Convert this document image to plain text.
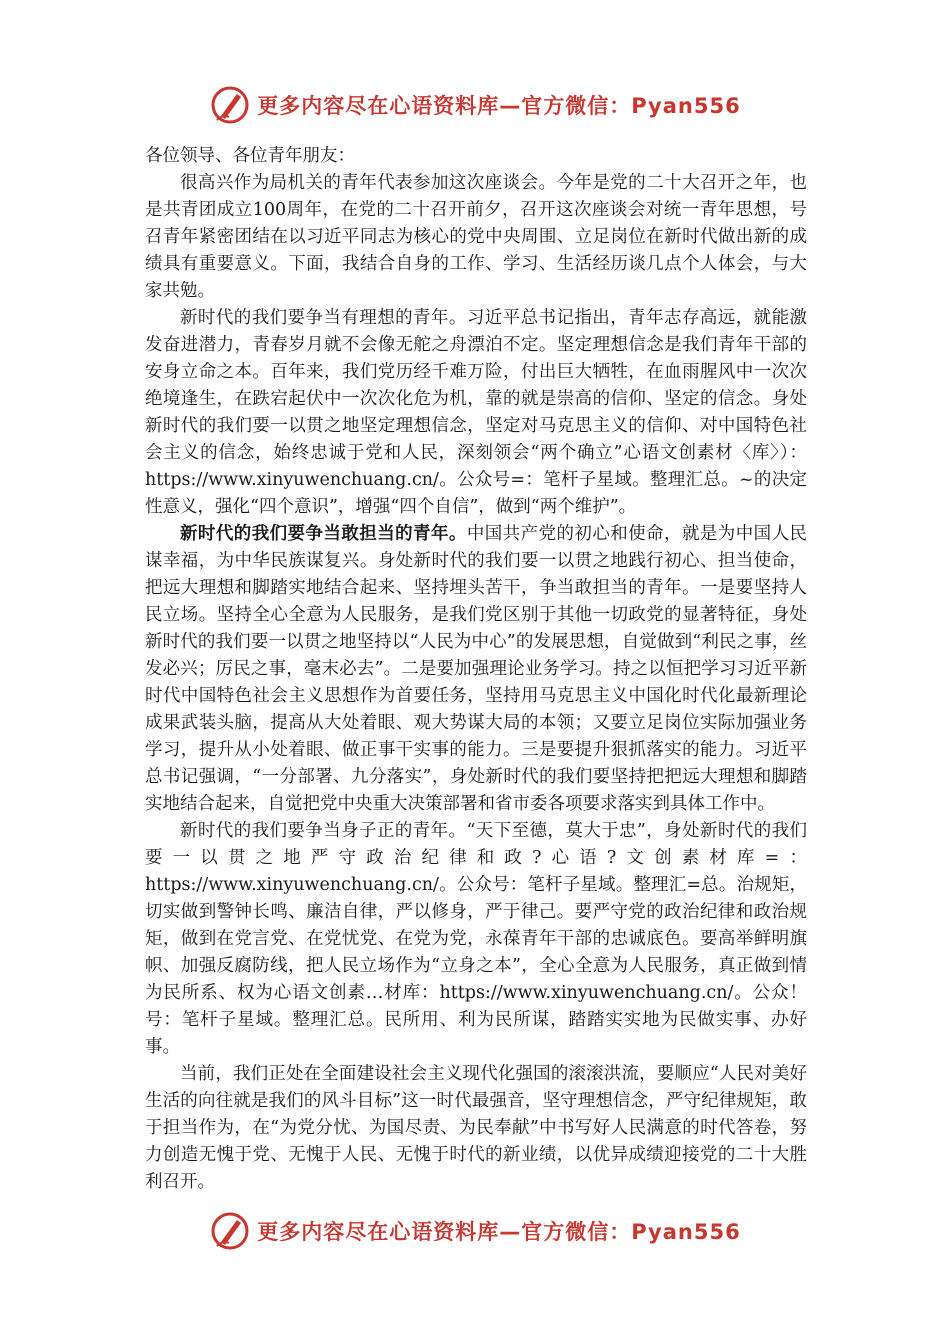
更多内容尽在心语资料库—官方微信：Pyan556

各位领导、各位青年朋友：

很高兴作为局机关的青年代表参加这次座谈会。今年是党的二十大召开之年，也是共青团成立100周年，在党的二十召开前夕，召开这次座谈会对统一青年思想，号召青年紧密团结在以习近平同志为核心的党中央周围、立足岗位在新时代做出新的成绩具有重要意义。下面，我结合自身的工作、学习、生活经历谈几点个人体会，与大家共勉。

新时代的我们要争当有理想的青年。习近平总书记指出，青年志存高远，就能激发奋进潜力，青春岁月就不会像无舵之舟漂泊不定。坚定理想信念是我们青年干部的安身立命之本。百年来，我们党历经千难万险，付出巨大牺牲，在血雨腥风中一次次绝境逢生，在跌宕起伏中一次次化危为机，靠的就是崇高的信仰、坚定的信念。身处新时代的我们要一以贯之地坚定理想信念，坚定对马克思主义的信仰、对中国特色社会主义的信念，始终忠诚于党和人民，深刻领会“两个确立”心语文创素材〈库〉）：https://www.xinyuwenchuang.cn/。公众号=：笔杆子星域。整理汇总。~的决定性意义，强化“四个意识”，增强“四个自信”，做到“两个维护”。

新时代的我们要争当敢担当的青年。中国共产党的初心和使命，就是为中国人民谋幸福，为中华民族谋复兴。身处新时代的我们要一以贯之地践行初心、担当使命，把远大理想和脚踏实地结合起来、坚持埋头苦干，争当敢担当的青年。一是要坚持人民立场。坚持全心全意为人民服务，是我们党区别于其他一切政党的显著特征，身处新时代的我们要一以贯之地坚持以“人民为中心”的发展思想，自觉做到“利民之事，丝发必兴；厉民之事，毫末必去”。二是要加强理论业务学习。持之以恒把学习习近平新时代中国特色社会主义思想作为首要任务，坚持用马克思主义中国化时代化最新理论成果武装头脑，提高从大处着眼、观大势谋大局的本领；又要立足岗位实际加强业务学习，提升从小处着眼、做正事干实事的能力。三是要提升狠抓落实的能力。习近平总书记强调，“一分部署、九分落实”，身处新时代的我们要坚持把把远大理想和脚踏实地结合起来，自觉把党中央重大决策部署和省市委各项要求落实到具体工作中。

新时代的我们要争当身子正的青年。“天下至德，莫大于忠”，身处新时代的我们要一以贯之地严守政治纪律和政?心语?文创素材库=：https://www.xinyuwenchuang.cn/。公众号：笔杆子星域。整理汇=总。治规矩，切实做到警钟长鸣、廉洁自律，严以修身，严于律己。要严守党的政治纪律和政治规矩，做到在党言党、在党忧党、在党为党，永葆青年干部的忠诚底色。要高举鲜明旗帜、加强反腐防线，把人民立场作为“立身之本”，全心全意为人民服务，真正做到情为民所系、权为心语文创素…材库：https://www.xinyuwenchuang.cn/。公众！号：笔杆子星域。整理汇总。民所用、利为民所谋，踏踏实实地为民做实事、办好事。

当前，我们正处在全面建设社会主义现代化强国的滚滚洪流，要顺应“人民对美好生活的向往就是我们的风斗目标”这一时代最强音，坚守理想信念，严守纪律规矩，敢于担当作为，在“为党分忧、为国尽责、为民奉献”中书写好人民满意的时代答卷，努力创造无愧于党、无愧于人民、无愧于时代的新业绩，以优异成绩迎接党的二十大胜利召开。

更多内容尽在心语资料库—官方微信：Pyan556
